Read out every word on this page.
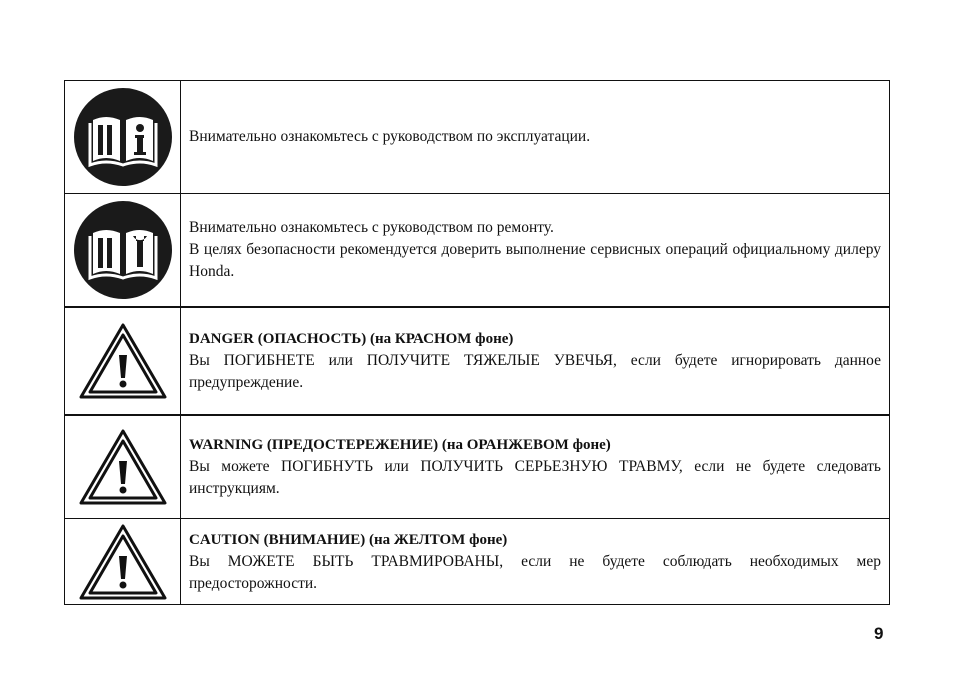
Внимательно ознакомьтесь с руководством по эксплуатации.

Внимательно ознакомьтесь с руководством по ремонту.

В целях безопасности рекомендуется доверить выполнение сервисных операций официальному дилеру Honda.

DANGER (ОПАСНОСТЬ) (на КРАСНОМ фоне)

Вы ПОГИБНЕТЕ или ПОЛУЧИТЕ ТЯЖЕЛЫЕ УВЕЧЬЯ, если будете игнорировать данное предупреждение.

WARNING (ПРЕДОСТЕРЕЖЕНИЕ) (на ОРАНЖЕВОМ фоне)

Вы можете ПОГИБНУТЬ или ПОЛУЧИТЬ СЕРЬЕЗНУЮ ТРАВМУ, если не будете следовать инструкциям.

CAUTION (ВНИМАНИЕ) (на ЖЕЛТОМ фоне)

Вы МОЖЕТЕ БЫТЬ ТРАВМИРОВАНЫ, если не будете соблюдать необходимых мер предосторожности.

9
